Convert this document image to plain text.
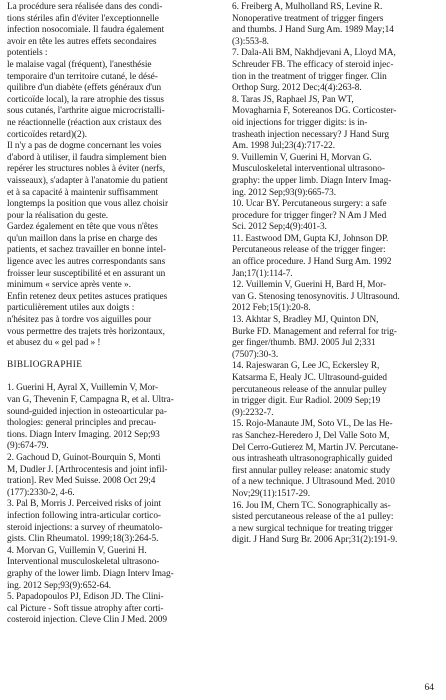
La procédure sera réalisée dans des condi-
tions stériles afin d'éviter l'exceptionnelle
infection nosocomiale. Il faudra également
avoir en tête les autres effets secondaires
potentiels :
le malaise vagal (fréquent), l'anesthésie
temporaire d'un territoire cutané, le désé-
quilibre d'un diabète (effets généraux d'un
corticoïde local), la rare atrophie des tissus
sous cutanés, l'arthrite aigue microcristalli-
ne réactionnelle (réaction aux cristaux des
corticoïdes retard)(2).
Il n'y a pas de dogme concernant les voies
d'abord à utiliser, il faudra simplement bien
repérer les structures nobles à éviter (nerfs,
vaisseaux), s'adapter à l'anatomie du patient
et à sa capacité à maintenir suffisamment
longtemps la position que vous allez choisir
pour la réalisation du geste.
Gardez également en tête que vous n'êtes
qu'un maillon dans la prise en charge des
patients, et sachez travailler en bonne intel-
ligence avec les autres correspondants sans
froisser leur susceptibilité et en assurant un
minimum « service après vente ».
Enfin retenez deux petites astuces pratiques
particulièrement utiles aux doigts :
n'hésitez pas à tordre vos aiguilles pour
vous permettre des trajets très horizontaux,
et abusez du « gel pad » !
BIBLIOGRAPHIE
1. Guerini H, Ayral X, Vuillemin V, Mor-
van G, Thevenin F, Campagna R, et al. Ultra-
sound-guided injection in osteoarticular pa-
thologies: general principles and precau-
tions. Diagn Interv Imaging. 2012 Sep;93
(9):674-79.
2. Gachoud D, Guinot-Bourquin S, Monti
M, Dudler J. [Arthrocentesis and joint infil-
tration]. Rev Med Suisse. 2008 Oct 29;4
(177):2330-2, 4-6.
3. Pal B, Morris J. Perceived risks of joint
infection following intra-articular cortico-
steroid injections: a survey of rheumatolo-
gists. Clin Rheumatol. 1999;18(3):264-5.
4. Morvan G, Vuillemin V, Guerini H.
Interventional musculoskeletal ultrasono-
graphy of the lower limb. Diagn Interv Imag-
ing. 2012 Sep;93(9):652-64.
5. Papadopoulos PJ, Edison JD. The Clini-
cal Picture - Soft tissue atrophy after corti-
costeroid injection. Cleve Clin J Med. 2009
6. Freiberg A, Mulholland RS, Levine R.
Nonoperative treatment of trigger fingers
and thumbs. J Hand Surg Am. 1989 May;14
(3):553-8.
7. Dala-Ali BM, Nakhdjevani A, Lloyd MA,
Schreuder FB. The efficacy of steroid injec-
tion in the treatment of trigger finger. Clin
Orthop Surg. 2012 Dec;4(4):263-8.
8. Taras JS, Raphael JS, Pan WT,
Movagharnia F, Sotereanos DG. Corticoster-
oid injections for trigger digits: is in-
trasheath injection necessary? J Hand Surg
Am. 1998 Jul;23(4):717-22.
9. Vuillemin V, Guerini H, Morvan G.
Musculoskeletal interventional ultrasono-
graphy: the upper limb. Diagn Interv Imag-
ing. 2012 Sep;93(9):665-73.
10. Ucar BY. Percutaneous surgery: a safe
procedure for trigger finger? N Am J Med
Sci. 2012 Sep;4(9):401-3.
11. Eastwood DM, Gupta KJ, Johnson DP.
Percutaneous release of the trigger finger:
an office procedure. J Hand Surg Am. 1992
Jan;17(1):114-7.
12. Vuillemin V, Guerini H, Bard H, Mor-
van G. Stenosing tenosynovitis. J Ultrasound.
2012 Feb;15(1):20-8.
13. Akhtar S, Bradley MJ, Quinton DN,
Burke FD. Management and referral for trig-
ger finger/thumb. BMJ. 2005 Jul 2;331
(7507):30-3.
14. Rajeswaran G, Lee JC, Eckersley R,
Katsarma E, Healy JC. Ultrasound-guided
percutaneous release of the annular pulley
in trigger digit. Eur Radiol. 2009 Sep;19
(9):2232-7.
15. Rojo-Manaute JM, Soto VL, De las He-
ras Sanchez-Heredero J, Del Valle Soto M,
Del Cerro-Gutierez M, Martin JV. Percutane-
ous intrasheath ultrasonographically guided
first annular pulley release: anatomic study
of a new technique. J Ultrasound Med. 2010
Nov;29(11):1517-29.
16. Jou IM, Chern TC. Sonographically as-
sisted percutaneous release of the a1 pulley:
a new surgical technique for treating trigger
digit. J Hand Surg Br. 2006 Apr;31(2):191-9.
64
